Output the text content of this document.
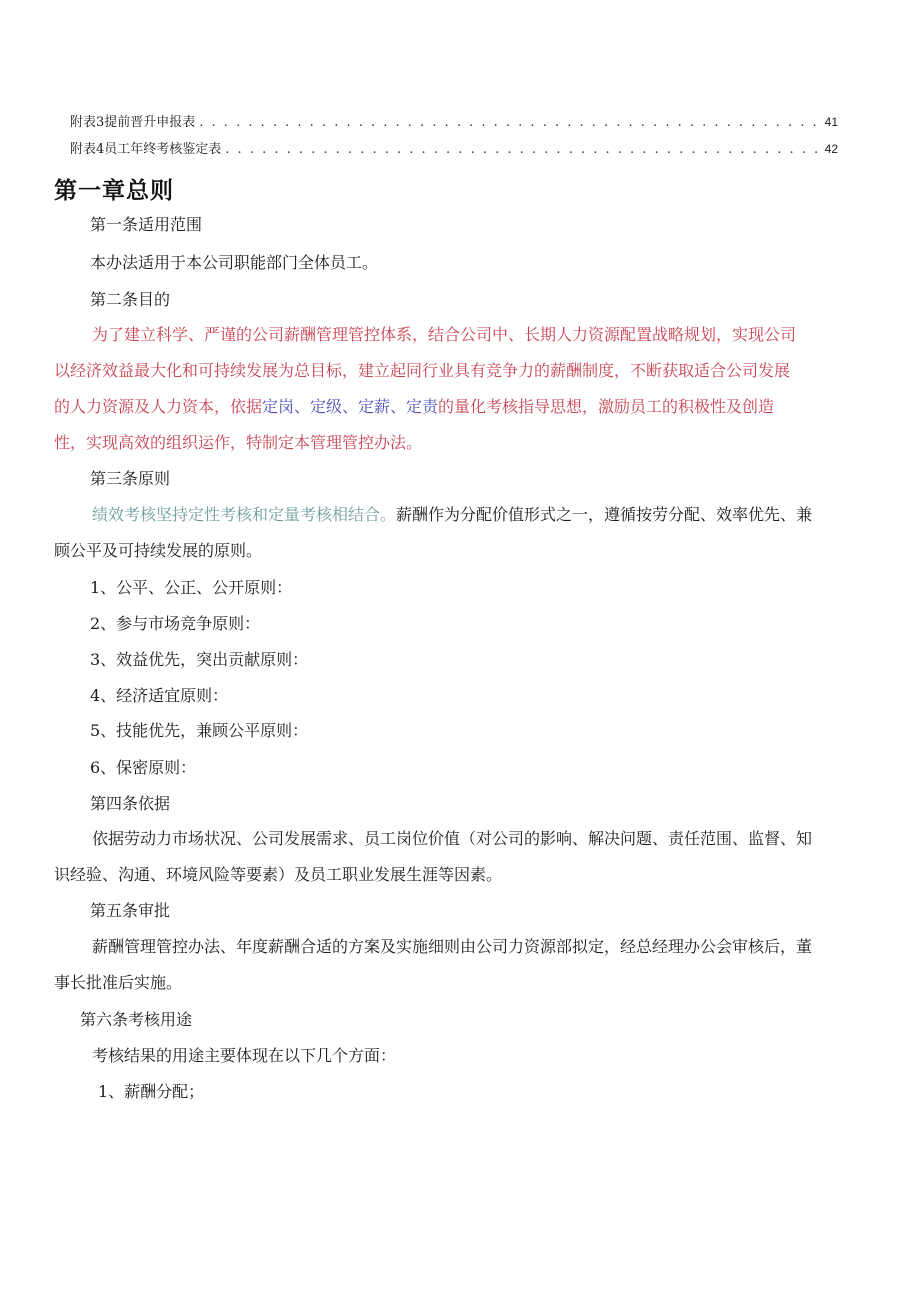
附表3提前晋升申报表 . . .	41
附表4员工年终考核鉴定表 . . .	42
第一章总则
第一条适用范围
本办法适用于本公司职能部门全体员工。
第二条目的
为了建立科学、严谨的公司薪酬管理管控体系，结合公司中、长期人力资源配置战略规划，实现公司
以经济效益最大化和可持续发展为总目标，建立起同行业具有竞争力的薪酬制度，不断获取适合公司发展
的人力资源及人力资本，依据定岗、定级、定薪、定责的量化考核指导思想，激励员工的积极性及创造
性，实现高效的组织运作，特制定本管理管控办法。
第三条原则
绩效考核坚持定性考核和定量考核相结合。薪酬作为分配价值形式之一，遵循按劳分配、效率优先、兼
顾公平及可持续发展的原则。
1、公平、公正、公开原则：
2、参与市场竞争原则：
3、效益优先，突出贡献原则：
4、经济适宜原则：
5、技能优先，兼顾公平原则：
6、保密原则：
第四条依据
依据劳动力市场状况、公司发展需求、员工岗位价值（对公司的影响、解决问题、责任范围、监督、知
识经验、沟通、环境风险等要素）及员工职业发展生涯等因素。
第五条审批
薪酬管理管控办法、年度薪酬合适的方案及实施细则由公司力资源部拟定，经总经理办公会审核后，董
事长批准后实施。
第六条考核用途
考核结果的用途主要体现在以下几个方面：
1、薪酬分配；
